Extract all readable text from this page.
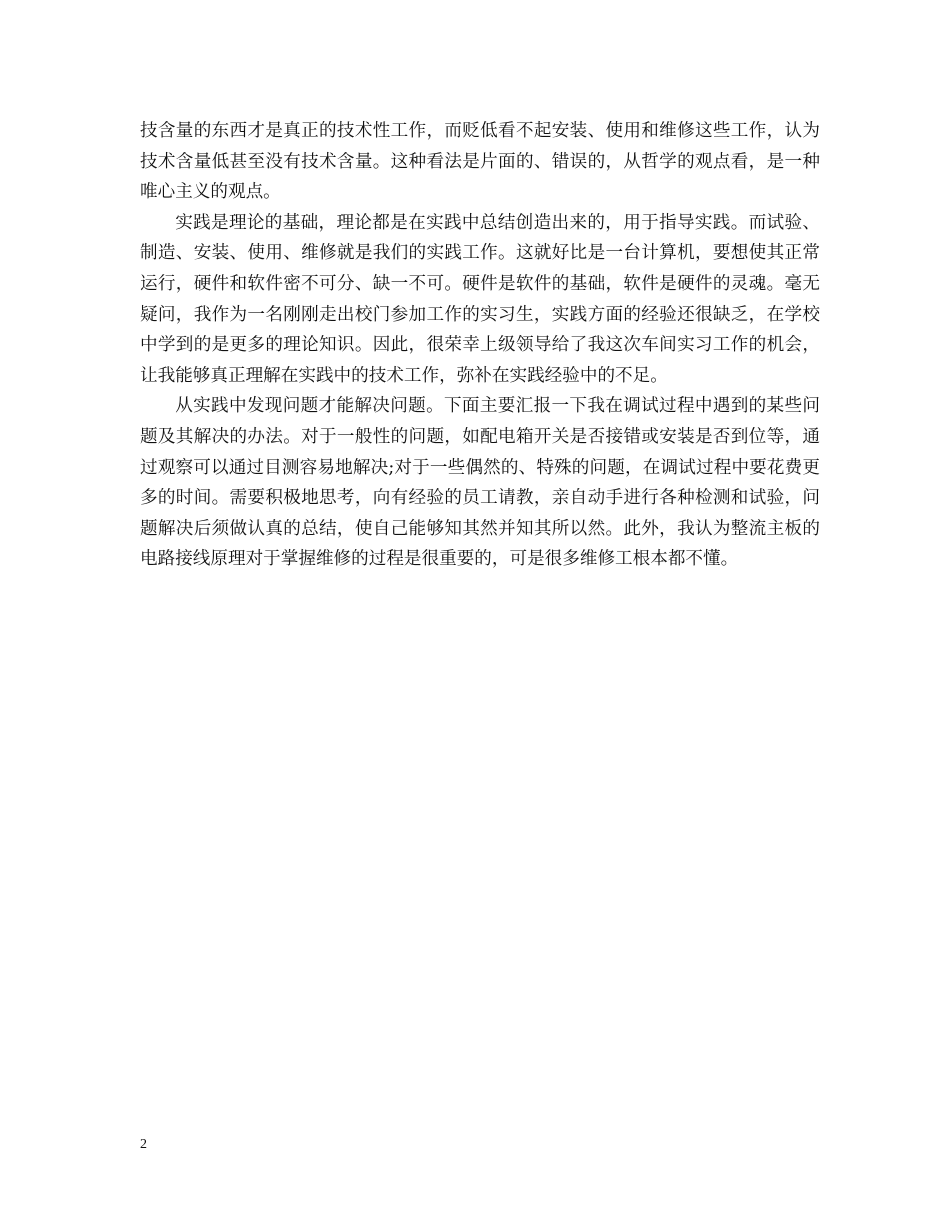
技含量的东西才是真正的技术性工作，而贬低看不起安装、使用和维修这些工作，认为技术含量低甚至没有技术含量。这种看法是片面的、错误的，从哲学的观点看，是一种唯心主义的观点。

实践是理论的基础，理论都是在实践中总结创造出来的，用于指导实践。而试验、制造、安装、使用、维修就是我们的实践工作。这就好比是一台计算机，要想使其正常运行，硬件和软件密不可分、缺一不可。硬件是软件的基础，软件是硬件的灵魂。毫无疑问，我作为一名刚刚走出校门参加工作的实习生，实践方面的经验还很缺乏，在学校中学到的是更多的理论知识。因此，很荣幸上级领导给了我这次车间实习工作的机会，让我能够真正理解在实践中的技术工作，弥补在实践经验中的不足。

从实践中发现问题才能解决问题。下面主要汇报一下我在调试过程中遇到的某些问题及其解决的办法。对于一般性的问题，如配电箱开关是否接错或安装是否到位等，通过观察可以通过目测容易地解决;对于一些偶然的、特殊的问题，在调试过程中要花费更多的时间。需要积极地思考，向有经验的员工请教，亲自动手进行各种检测和试验，问题解决后须做认真的总结，使自己能够知其然并知其所以然。此外，我认为整流主板的电路接线原理对于掌握维修的过程是很重要的，可是很多维修工根本都不懂。

2
